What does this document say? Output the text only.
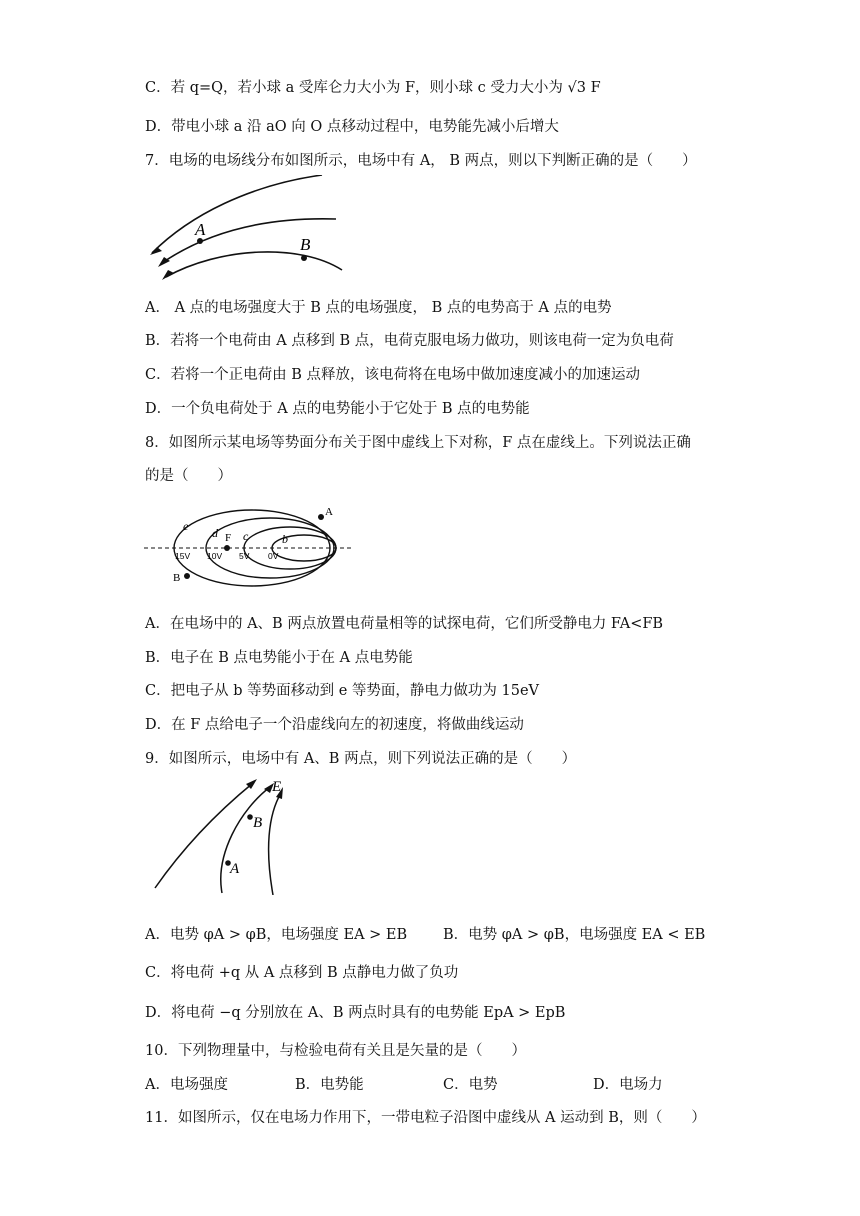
C．若 q=Q，若小球 a 受库仑力大小为 F，则小球 c 受力大小为 √3 F
D．带电小球 a 沿 aO 向 O 点移动过程中，电势能先减小后增大
7．电场的电场线分布如图所示，电场中有 A， B 两点，则以下判断正确的是（　　）
A
B
A． A 点的电场强度大于 B 点的电场强度， B 点的电势高于 A 点的电势
B．若将一个电荷由 A 点移到 B 点，电荷克服电场力做功，则该电荷一定为负电荷
C．若将一个正电荷由 B 点释放，该电荷将在电场中做加速度减小的加速运动
D．一个负电荷处于 A 点的电势能小于它处于 B 点的电势能
8．如图所示某电场等势面分布关于图中虚线上下对称，F 点在虚线上。下列说法正确
的是（　　）
e d c	b
F
A
B
15V 10V 5V 0V
A．在电场中的 A、B 两点放置电荷量相等的试探电荷，它们所受静电力 FA<FB
B．电子在 B 点电势能小于在 A 点电势能
C．把电子从 b 等势面移动到 e 等势面，静电力做功为 15eV
D．在 F 点给电子一个沿虚线向左的初速度，将做曲线运动
9．如图所示，电场中有 A、B 两点，则下列说法正确的是（　　）
E
B
A
A．电势 φA > φB，电场强度 EA > EB B．电势 φA > φB，电场强度 EA < EB
C．将电荷 +q 从 A 点移到 B 点静电力做了负功
D．将电荷 −q 分别放在 A、B 两点时具有的电势能 EpA > EpB
10．下列物理量中，与检验电荷有关且是矢量的是（　　）
A．电场强度	B．电势能	C．电势	D．电场力
11．如图所示，仅在电场力作用下，一带电粒子沿图中虚线从 A 运动到 B，则（　　）
